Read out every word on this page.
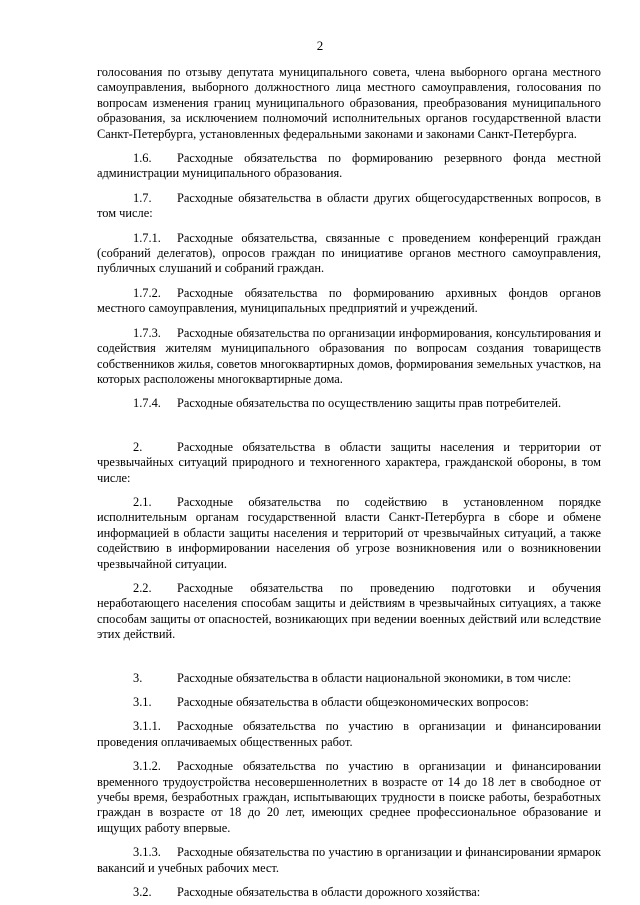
2

голосования по отзыву депутата муниципального совета, члена выборного органа местного самоуправления, выборного должностного лица местного самоуправления, голосования по вопросам изменения границ муниципального образования, преобразования муниципального образования, за исключением полномочий исполнительных органов государственной власти Санкт-Петербурга, установленных федеральными законами и законами Санкт-Петербурга.

1.6. Расходные обязательства по формированию резервного фонда местной администрации муниципального образования.

1.7. Расходные обязательства в области других общегосударственных вопросов, в том числе:

1.7.1. Расходные обязательства, связанные с проведением конференций граждан (собраний делегатов), опросов граждан по инициативе органов местного самоуправления, публичных слушаний и собраний граждан.

1.7.2. Расходные обязательства по формированию архивных фондов органов местного самоуправления, муниципальных предприятий и учреждений.

1.7.3. Расходные обязательства по организации информирования, консультирования и содействия жителям муниципального образования по вопросам создания товариществ собственников жилья, советов многоквартирных домов, формирования земельных участков, на которых расположены многоквартирные дома.

1.7.4. Расходные обязательства по осуществлению защиты прав потребителей.

2.	Расходные обязательства в области защиты населения и территории от чрезвычайных ситуаций природного и техногенного характера, гражданской обороны, в том числе:

2.1. Расходные обязательства по содействию в установленном порядке исполнительным органам государственной власти Санкт-Петербурга в сборе и обмене информацией в области защиты населения и территорий от чрезвычайных ситуаций, а также содействию в информировании населения об угрозе возникновения или о возникновении чрезвычайной ситуации.

2.2. Расходные обязательства по проведению подготовки и обучения неработающего населения способам защиты и действиям в чрезвычайных ситуациях, а также способам защиты от опасностей, возникающих при ведении военных действий или вследствие этих действий.

3.	Расходные обязательства в области национальной экономики, в том числе:

3.1. Расходные обязательства в области общеэкономических вопросов:

3.1.1. Расходные обязательства по участию в организации и финансировании проведения оплачиваемых общественных работ.

3.1.2. Расходные обязательства по участию в организации и финансировании временного трудоустройства несовершеннолетних в возрасте от 14 до 18 лет в свободное от учебы время, безработных граждан, испытывающих трудности в поиске работы, безработных граждан в возрасте от 18 до 20 лет, имеющих среднее профессиональное образование и ищущих работу впервые.

3.1.3. Расходные обязательства по участию в организации и финансировании ярмарок вакансий и учебных рабочих мест.

3.2. Расходные обязательства в области дорожного хозяйства:
